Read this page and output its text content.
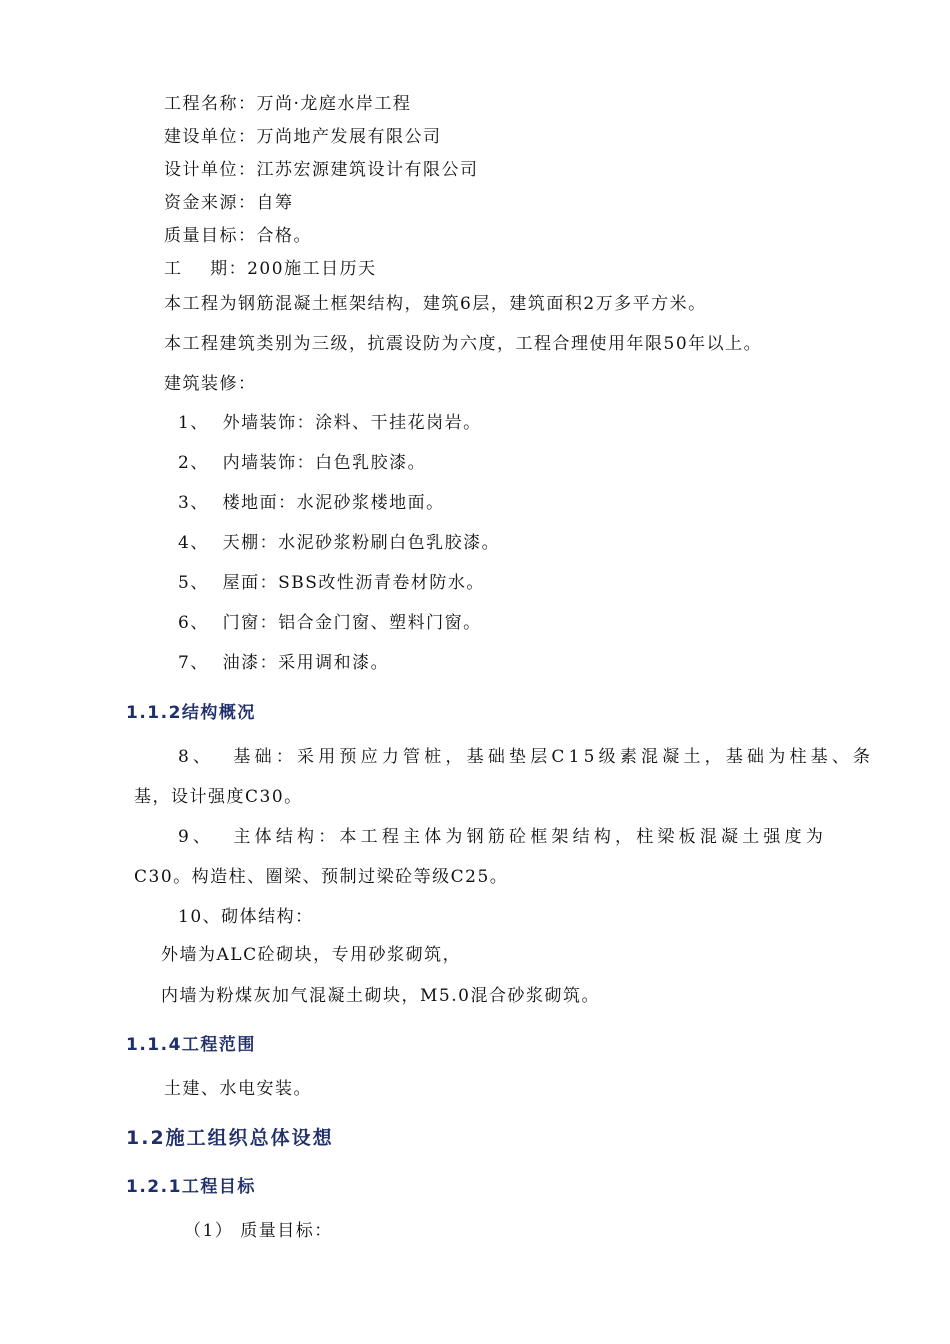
工程名称：万尚·龙庭水岸工程
建设单位：万尚地产发展有限公司
设计单位：江苏宏源建筑设计有限公司
资金来源：自筹
质量目标：合格。
工    期：200施工日历天
本工程为钢筋混凝土框架结构，建筑6层，建筑面积2万多平方米。
本工程建筑类别为三级，抗震设防为六度，工程合理使用年限50年以上。
建筑装修：
1、  外墙装饰：涂料、干挂花岗岩。
2、  内墙装饰：白色乳胶漆。
3、  楼地面：水泥砂浆楼地面。
4、  天棚：水泥砂浆粉刷白色乳胶漆。
5、  屋面：SBS改性沥青卷材防水。
6、  门窗：铝合金门窗、塑料门窗。
7、  油漆：采用调和漆。
1.1.2结构概况
8、  基础：采用预应力管桩，基础垫层C15级素混凝土，基础为柱基、条
基，设计强度C30。
9、  主体结构：本工程主体为钢筋砼框架结构，柱梁板混凝土强度为
C30。构造柱、圈梁、预制过梁砼等级C25。
10、砌体结构：
外墙为ALC砼砌块，专用砂浆砌筑，
内墙为粉煤灰加气混凝土砌块，M5.0混合砂浆砌筑。
1.1.4工程范围
土建、水电安装。
1.2施工组织总体设想
1.2.1工程目标
（1） 质量目标：
